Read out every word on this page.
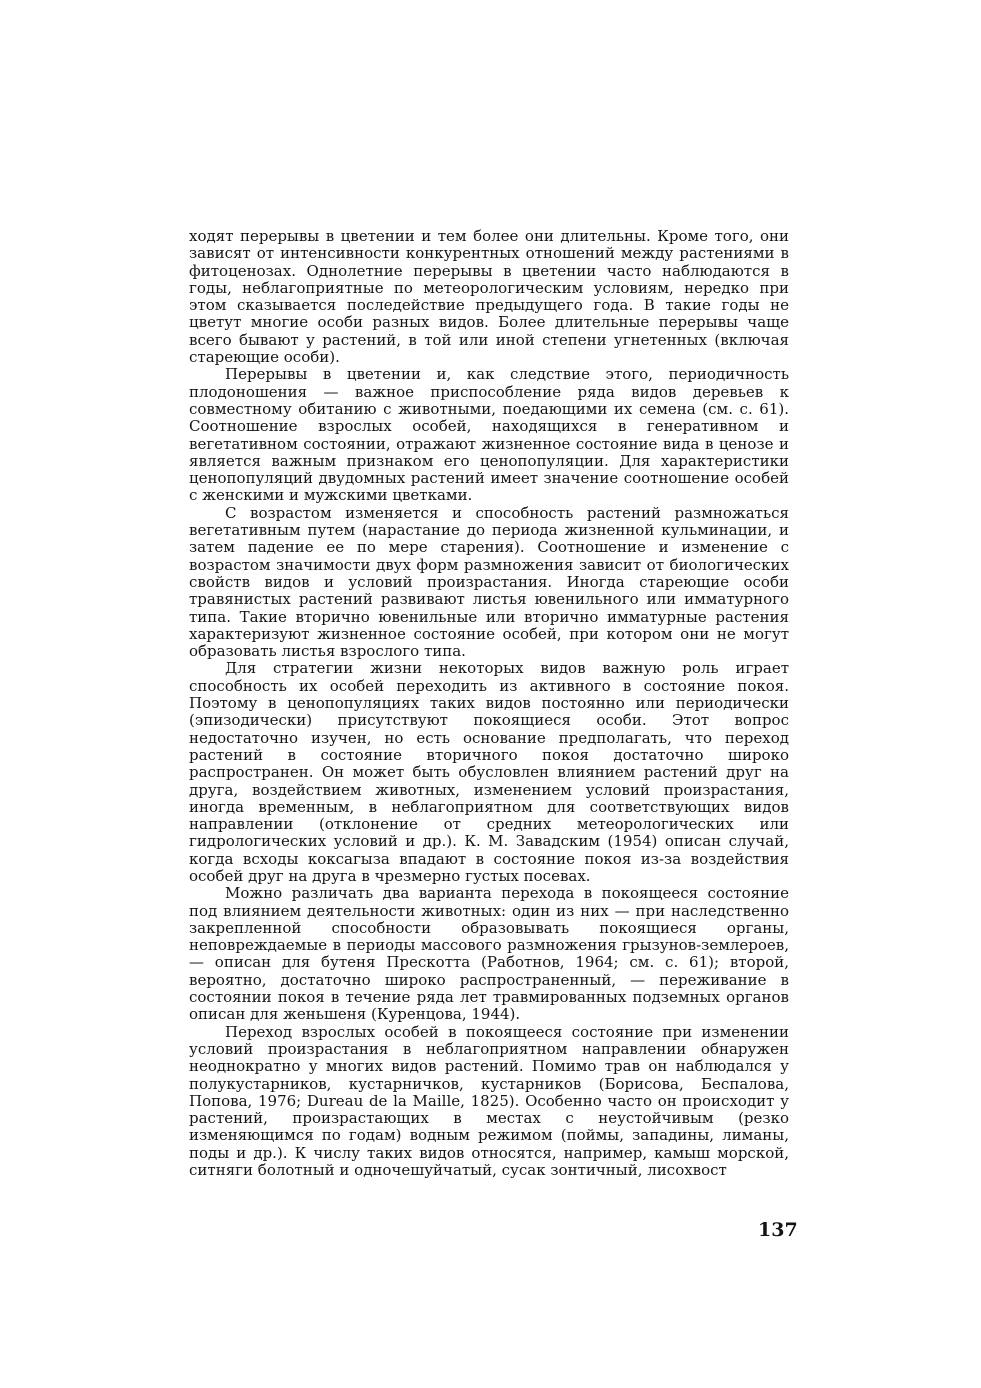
ходят перерывы в цветении и тем более они длительны. Кроме того, они зависят от интенсивности конкурентных отношений между растениями в фитоценозах. Однолетние перерывы в цветении часто наблюдаются в годы, неблагоприятные по метеорологическим условиям, нередко при этом сказывается последействие предыдущего года. В такие годы не цветут многие особи разных видов. Более длительные перерывы чаще всего бывают у растений, в той или иной степени угнетенных (включая стареющие особи).

Перерывы в цветении и, как следствие этого, периодичность плодоношения — важное приспособление ряда видов деревьев к совместному обитанию с животными, поедающими их семена (см. с. 61). Соотношение взрослых особей, находящихся в генеративном и вегетативном состоянии, отражают жизненное состояние вида в ценозе и является важным признаком его ценопопуляции. Для характеристики ценопопуляций двудомных растений имеет значение соотношение особей с женскими и мужскими цветками.

С возрастом изменяется и способность растений размножаться вегетативным путем (нарастание до периода жизненной кульминации, и затем падение ее по мере старения). Соотношение и изменение с возрастом значимости двух форм размножения зависит от биологических свойств видов и условий произрастания. Иногда стареющие особи травянистых растений развивают листья ювенильного или имматурного типа. Такие вторично ювенильные или вторично имматурные растения характеризуют жизненное состояние особей, при котором они не могут образовать листья взрослого типа.

Для стратегии жизни некоторых видов важную роль играет способность их особей переходить из активного в состояние покоя. Поэтому в ценопопуляциях таких видов постоянно или периодически (эпизодически) присутствуют покоящиеся особи. Этот вопрос недостаточно изучен, но есть основание предполагать, что переход растений в состояние вторичного покоя достаточно широко распространен. Он может быть обусловлен влиянием растений друг на друга, воздействием животных, изменением условий произрастания, иногда временным, в неблагоприятном для соответствующих видов направлении (отклонение от средних метеорологических или гидрологических условий и др.). К. М. Завадским (1954) описан случай, когда всходы коксагыза впадают в состояние покоя из-за воздействия особей друг на друга в чрезмерно густых посевах.

Можно различать два варианта перехода в покоящееся состояние под влиянием деятельности животных: один из них — при наследственно закрепленной способности образовывать покоящиеся органы, неповреждаемые в периоды массового размножения грызунов-землероев, — описан для бутеня Прескотта (Работнов, 1964; см. с. 61); второй, вероятно, достаточно широко распространенный, — переживание в состоянии покоя в течение ряда лет травмированных подземных органов описан для женьшеня (Куренцова, 1944).

Переход взрослых особей в покоящееся состояние при изменении условий произрастания в неблагоприятном направлении обнаружен неоднократно у многих видов растений. Помимо трав он наблюдался у полукустарников, кустарничков, кустарников (Борисова, Беспалова, Попова, 1976; Dureau de la Maille, 1825). Особенно часто он происходит у растений, произрастающих в местах с неустойчивым (резко изменяющимся по годам) водным режимом (поймы, западины, лиманы, поды и др.). К числу таких видов относятся, например, камыш морской, ситняги болотный и одночешуйчатый, сусак зонтичный, лисохвост

137
